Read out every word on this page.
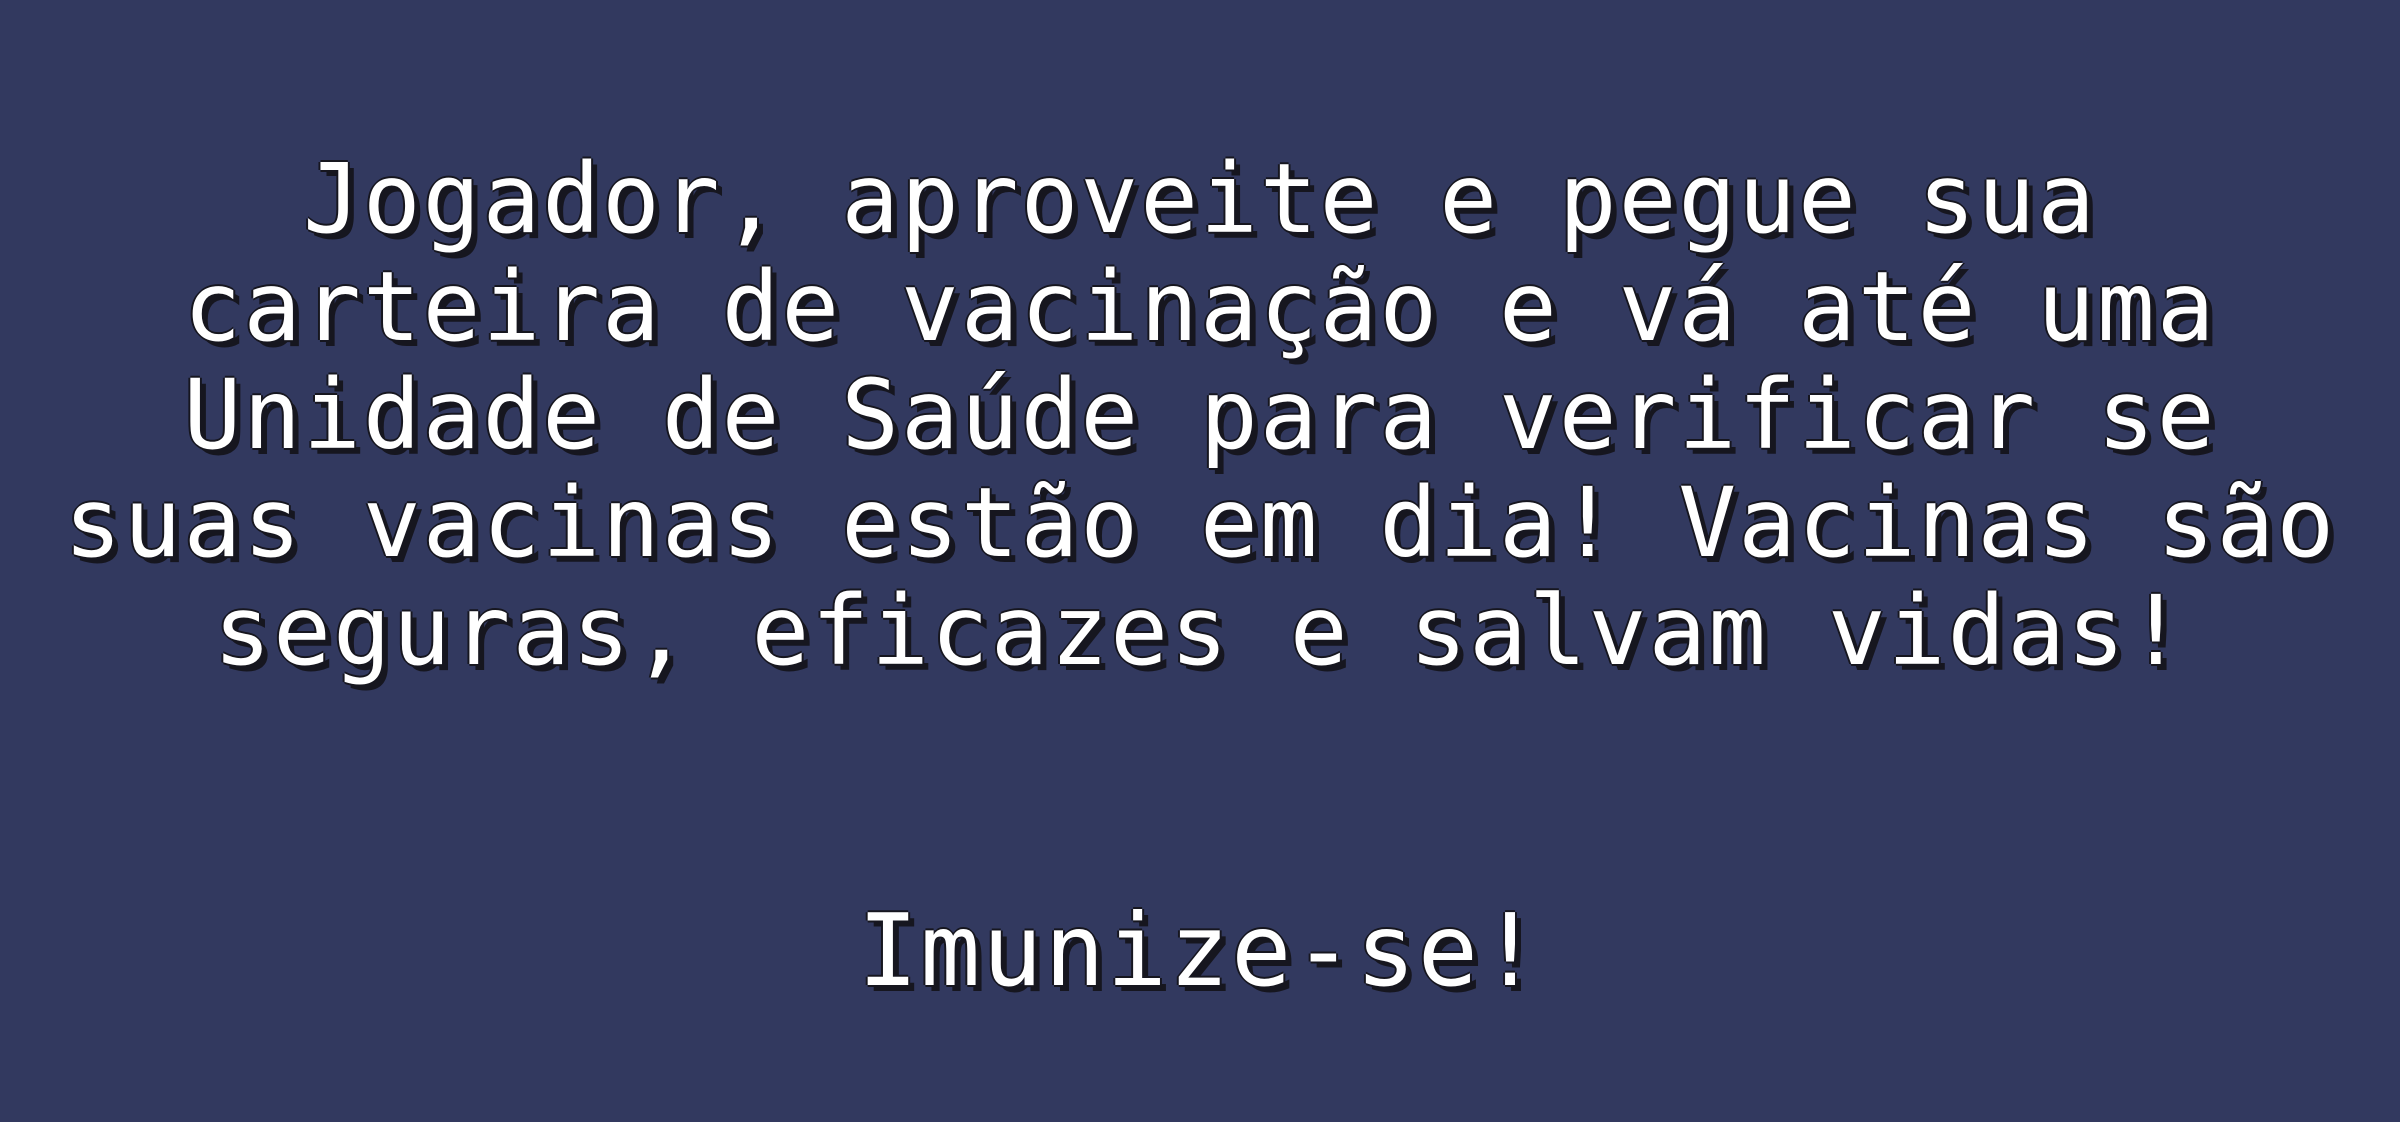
Jogador, aproveite e pegue sua
carteira de vacinação e vá até uma
Unidade de Saúde para verificar se
suas vacinas estão em dia! Vacinas são
seguras, eficazes e salvam vidas!

Imunize-se!
